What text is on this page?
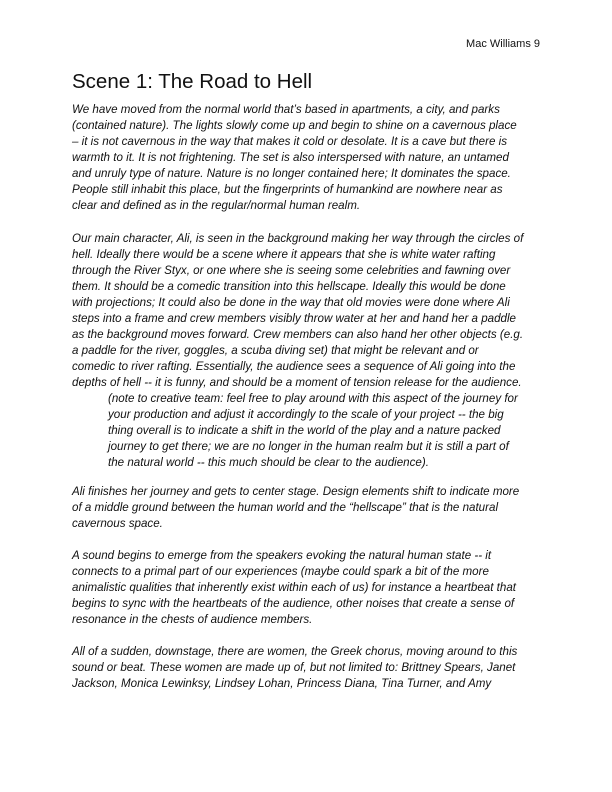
Mac Williams 9
Scene 1: The Road to Hell
We have moved from the normal world that’s based in apartments, a city, and parks
(contained nature). The lights slowly come up and begin to shine on a cavernous place
– it is not cavernous in the way that makes it cold or desolate. It is a cave but there is
warmth to it. It is not frightening. The set is also interspersed with nature, an untamed
and unruly type of nature. Nature is no longer contained here; It dominates the space.
People still inhabit this place, but the fingerprints of humankind are nowhere near as
clear and defined as in the regular/normal human realm.
Our main character, Ali, is seen in the background making her way through the circles of
hell. Ideally there would be a scene where it appears that she is white water rafting
through the River Styx, or one where she is seeing some celebrities and fawning over
them. It should be a comedic transition into this hellscape. Ideally this would be done
with projections; It could also be done in the way that old movies were done where Ali
steps into a frame and crew members visibly throw water at her and hand her a paddle
as the background moves forward. Crew members can also hand her other objects (e.g.
a paddle for the river, goggles, a scuba diving set) that might be relevant and or
comedic to river rafting. Essentially, the audience sees a sequence of Ali going into the
depths of hell -- it is funny, and should be a moment of tension release for the audience.
(note to creative team: feel free to play around with this aspect of the journey for
your production and adjust it accordingly to the scale of your project -- the big
thing overall is to indicate a shift in the world of the play and a nature packed
journey to get there; we are no longer in the human realm but it is still a part of
the natural world -- this much should be clear to the audience).
Ali finishes her journey and gets to center stage. Design elements shift to indicate more
of a middle ground between the human world and the “hellscape” that is the natural
cavernous space.
A sound begins to emerge from the speakers evoking the natural human state -- it
connects to a primal part of our experiences (maybe could spark a bit of the more
animalistic qualities that inherently exist within each of us) for instance a heartbeat that
begins to sync with the heartbeats of the audience, other noises that create a sense of
resonance in the chests of audience members.
All of a sudden, downstage, there are women, the Greek chorus, moving around to this
sound or beat. These women are made up of, but not limited to: Brittney Spears, Janet
Jackson, Monica Lewinksy, Lindsey Lohan, Princess Diana, Tina Turner, and Amy
